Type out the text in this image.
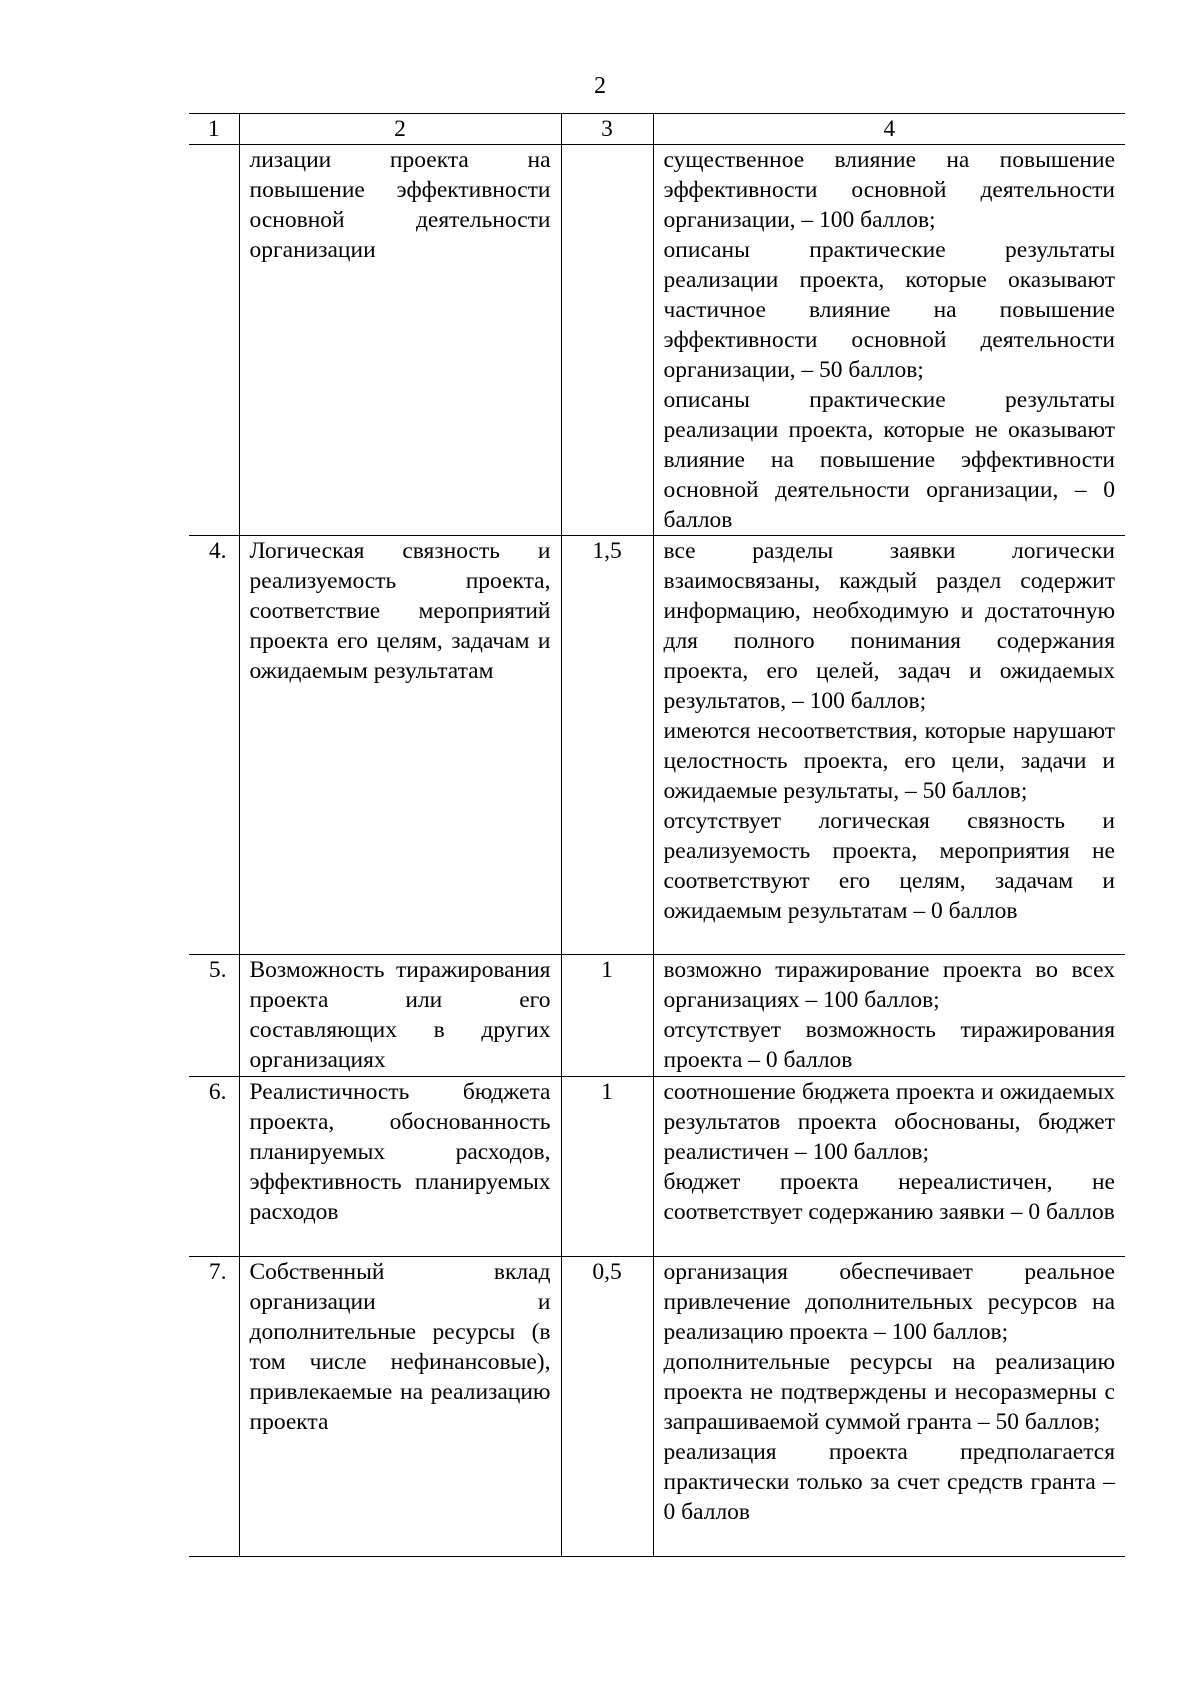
2
1	2	3	4
	лизации проекта на повышение эффективности основной деятельности организации		существенное влияние на повышение эффективности основной деятельности организации, – 100 баллов;
описаны практические результаты реализации проекта, которые оказывают частичное влияние на повышение эффективности основной деятельности организации, – 50 баллов;
описаны практические результаты реализации проекта, которые не оказывают влияние на повышение эффективности основной деятельности организации, – 0 баллов

4.	Логическая связность и реализуемость проекта, соответствие мероприятий проекта его целям, задачам и ожидаемым результатам	1,5	все разделы заявки логически взаимосвязаны, каждый раздел содержит информацию, необходимую и достаточную для полного понимания содержания проекта, его целей, задач и ожидаемых результатов, – 100 баллов;
имеются несоответствия, которые нарушают целостность проекта, его цели, задачи и ожидаемые результаты, – 50 баллов;
отсутствует логическая связность и реализуемость проекта, мероприятия не соответствуют его целям, задачам и ожидаемым результатам – 0 баллов

5.	Возможность тиражирования проекта или его составляющих в других организациях	1	возможно тиражирование проекта во всех организациях – 100 баллов;
отсутствует возможность тиражирования проекта – 0 баллов

6.	Реалистичность бюджета проекта, обоснованность планируемых расходов, эффективность планируемых расходов	1	соотношение бюджета проекта и ожидаемых результатов проекта обоснованы, бюджет реалистичен – 100 баллов;
бюджет проекта нереалистичен, не соответствует содержанию заявки – 0 баллов

7.	Собственный вклад организации и дополнительные ресурсы (в том числе нефинансовые), привлекаемые на реализацию проекта	0,5	организация обеспечивает реальное привлечение дополнительных ресурсов на реализацию проекта – 100 баллов;
дополнительные ресурсы на реализацию проекта не подтверждены и несоразмерны с запрашиваемой суммой гранта – 50 баллов;
реализация проекта предполагается практически только за счет средств гранта – 0 баллов
